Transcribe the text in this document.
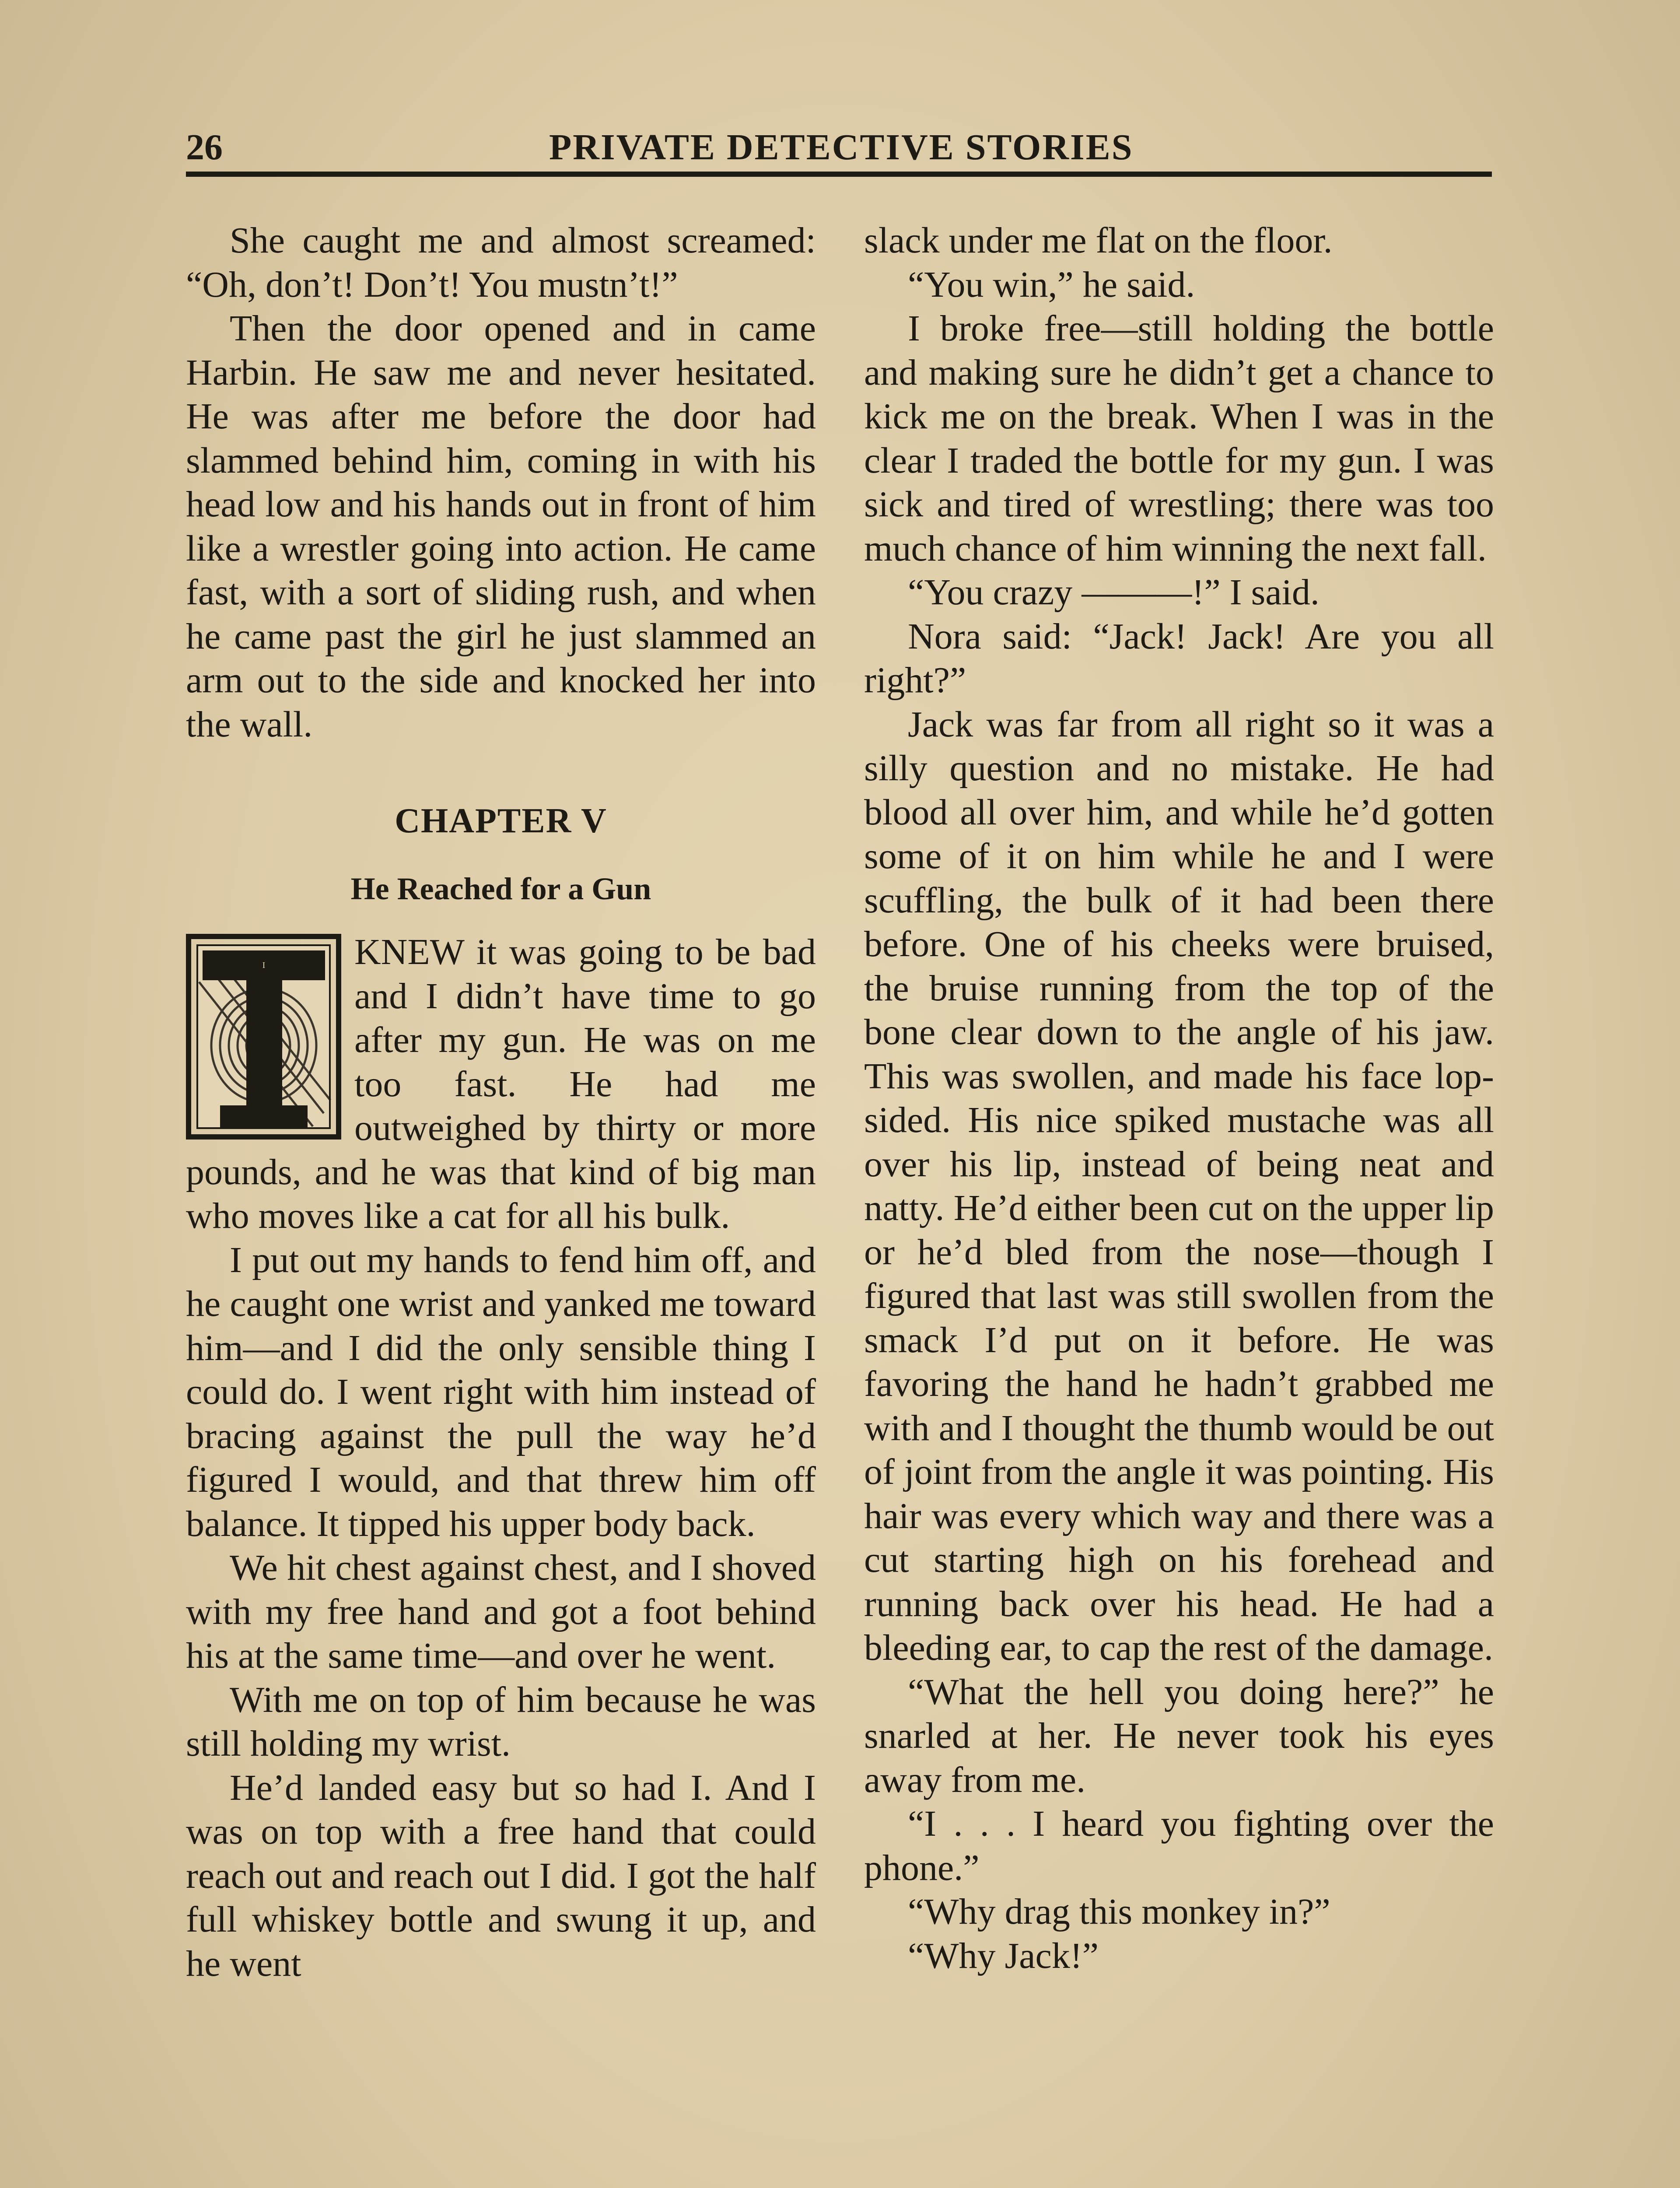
26	PRIVATE DETECTIVE STORIES

She caught me and almost screamed: “Oh, don’t! Don’t! You mustn’t!”

Then the door opened and in came Harbin. He saw me and never hesitated. He was after me before the door had slammed behind him, coming in with his head low and his hands out in front of him like a wrestler going into action. He came fast, with a sort of sliding rush, and when he came past the girl he just slammed an arm out to the side and knocked her into the wall.

CHAPTER V
He Reached for a Gun
I	KNEW it was going to be bad and I didn’t have time to go after my gun. He was on me too fast. He had me outweighed by thirty or more pounds, and he was that kind of big man who moves like a cat for all his bulk.

I put out my hands to fend him off, and he caught one wrist and yanked me toward him—and I did the only sensible thing I could do. I went right with him instead of bracing against the pull the way he’d figured I would, and that threw him off balance. It tipped his upper body back.

We hit chest against chest, and I shoved with my free hand and got a foot behind his at the same time—and over he went.

With me on top of him because he was still holding my wrist.

He’d landed easy but so had I. And I was on top with a free hand that could reach out and reach out I did. I got the half full whiskey bottle and swung it up, and he went

slack under me flat on the floor.

“You win,” he said.

I broke free—still holding the bottle and making sure he didn’t get a chance to kick me on the break. When I was in the clear I traded the bottle for my gun. I was sick and tired of wrestling; there was too much chance of him winning the next fall.

“You crazy ———!” I said.

Nora said: “Jack! Jack! Are you all right?”

Jack was far from all right so it was a silly question and no mistake. He had blood all over him, and while he’d gotten some of it on him while he and I were scuffling, the bulk of it had been there before. One of his cheeks were bruised, the bruise running from the top of the bone clear down to the angle of his jaw. This was swollen, and made his face lopsided. His nice spiked mustache was all over his lip, instead of being neat and natty. He’d either been cut on the upper lip or he’d bled from the nose—though I figured that last was still swollen from the smack I’d put on it before. He was favoring the hand he hadn’t grabbed me with and I thought the thumb would be out of joint from the angle it was pointing. His hair was every which way and there was a cut starting high on his forehead and running back over his head. He had a bleeding ear, to cap the rest of the damage.

“What the hell you doing here?” he snarled at her. He never took his eyes away from me.

“I . . . I heard you fighting over the phone.”

“Why drag this monkey in?”

“Why Jack!”
